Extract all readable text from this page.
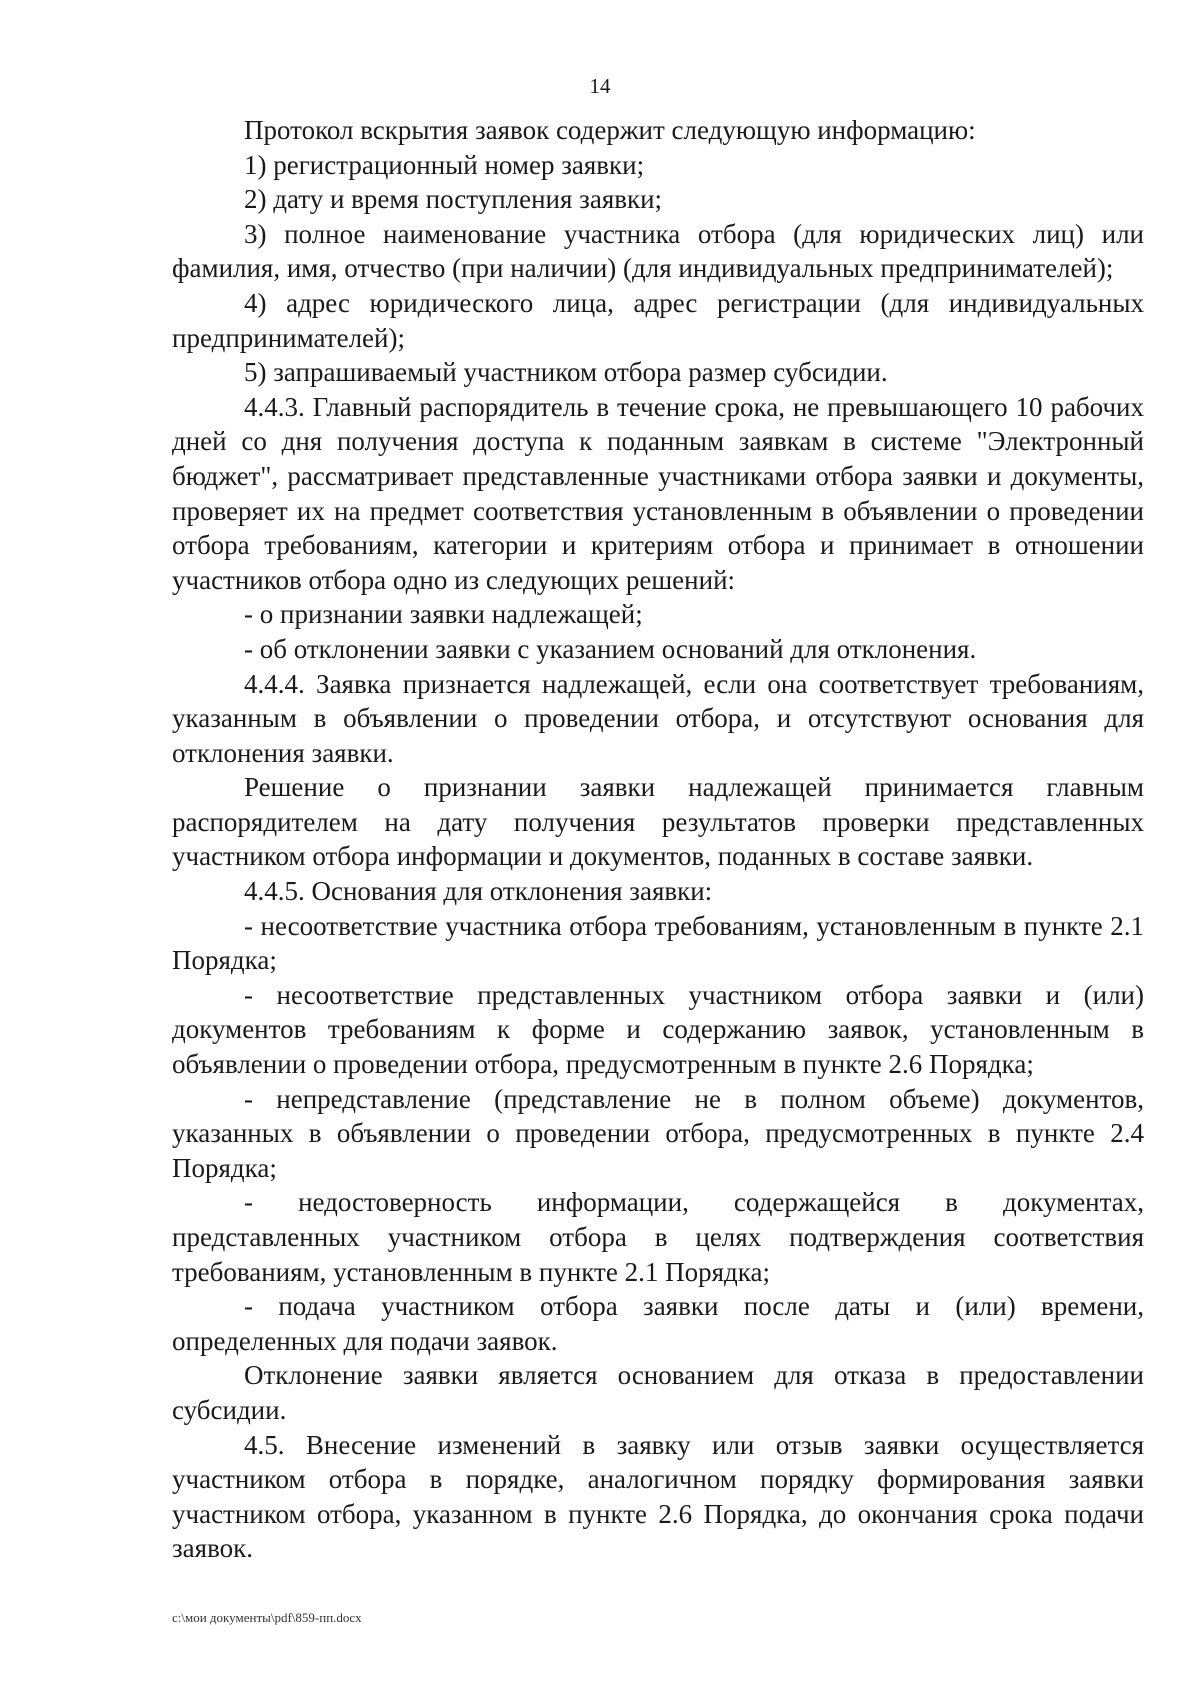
14

Протокол вскрытия заявок содержит следующую информацию:

1) регистрационный номер заявки;

2) дату и время поступления заявки;

3) полное наименование участника отбора (для юридических лиц) или фамилия, имя, отчество (при наличии) (для индивидуальных предпринимателей);

4) адрес юридического лица, адрес регистрации (для индивидуальных предпринимателей);

5) запрашиваемый участником отбора размер субсидии.

4.4.3. Главный распорядитель в течение срока, не превышающего 10 рабочих дней со дня получения доступа к поданным заявкам в системе "Электронный бюджет", рассматривает представленные участниками отбора заявки и документы, проверяет их на предмет соответствия установленным в объявлении о проведении отбора требованиям, категории и критериям отбора и принимает в отношении участников отбора одно из следующих решений:

- о признании заявки надлежащей;

- об отклонении заявки с указанием оснований для отклонения.

4.4.4. Заявка признается надлежащей, если она соответствует требованиям, указанным в объявлении о проведении отбора, и отсутствуют основания для отклонения заявки.

Решение о признании заявки надлежащей принимается главным распорядителем на дату получения результатов проверки представленных участником отбора информации и документов, поданных в составе заявки.

4.4.5. Основания для отклонения заявки:

- несоответствие участника отбора требованиям, установленным в пункте 2.1 Порядка;

- несоответствие представленных участником отбора заявки и (или) документов требованиям к форме и содержанию заявок, установленным в объявлении о проведении отбора, предусмотренным в пункте 2.6 Порядка;

- непредставление (представление не в полном объеме) документов, указанных в объявлении о проведении отбора, предусмотренных в пункте 2.4 Порядка;

- недостоверность информации, содержащейся в документах, представленных участником отбора в целях подтверждения соответствия требованиям, установленным в пункте 2.1 Порядка;

- подача участником отбора заявки после даты и (или) времени, определенных для подачи заявок.

Отклонение заявки является основанием для отказа в предоставлении субсидии.

4.5. Внесение изменений в заявку или отзыв заявки осуществляется участником отбора в порядке, аналогичном порядку формирования заявки участником отбора, указанном в пункте 2.6 Порядка, до окончания срока подачи заявок.

c:\мои документы\pdf\859-пп.docx
